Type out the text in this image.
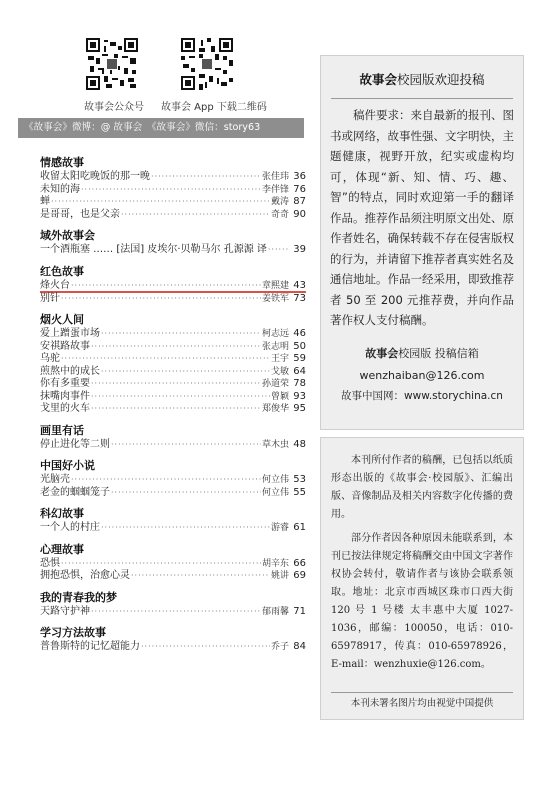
故事会公众号 故事会 App 下载二维码
《故事会》微博：@ 故事会　《故事会》微信：story63
情感故事
收留太阳吃晚饭的那一晚 ·····	张佳玮 36
未知的海 ·····	李伴锋 76
蝉 ·····	戴涛 87
是哥哥，也是父亲 ·····	奇奇 90
域外故事会
一个酒瓶塞 …… [法国] 皮埃尔·贝勒马尔 孔源源 译 ·····	39
红色故事
烽火台 ·····	章熙建 43
别针 ·····	姜铁军 73
烟火人间
爱上蹭蛋市场 ·····	柯志远 46
安祺路故事 ·····	张志明 50
乌驼 ·····	王宇 59
煎熬中的成长 ·····	戈敏 64
你有多重要 ·····	孙道荣 78
抹嘴肉事件 ·····	曾颖 93
戈里的火车 ·····	郑俊华 95
画里有话
停止进化等二则 ·····	草木虫 48
中国好小说
光脑壳 ·····	何立伟 53
老金的蝈蝈笼子 ·····	何立伟 55
科幻故事
一个人的村庄 ·····	游睿 61
心理故事
恐惧 ·····	胡辛东 66
拥抱恐惧，治愈心灵 ·····	姚讲 69
我的青春我的梦
天路守护神 ·····	郁雨馨 71
学习方法故事
普鲁斯特的记忆超能力 ·····	乔子 84
故事会校园版欢迎投稿
稿件要求：来自最新的报刊、图书或网络，故事性强、文字明快，主题健康，视野开放，纪实或虚构均可，体现“新、知、情、巧、趣、智”的特点，同时欢迎第一手的翻译作品。推荐作品须注明原文出处、原作者姓名，确保转载不存在侵害版权的行为，并请留下推荐者真实姓名及通信地址。作品一经采用，即致推荐者 50 至 200 元推荐费，并向作品著作权人支付稿酬。
故事会校园版 投稿信箱
wenzhaiban@126.com
故事中国网：www.storychina.cn

本刊所付作者的稿酬，已包括以纸质形态出版的《故事会·校园版》、汇编出版、音像制品及相关内容数字化传播的费用。

部分作者因各种原因未能联系到，本刊已按法律规定将稿酬交由中国文字著作权协会转付，敬请作者与该协会联系领取。地址：北京市西城区珠市口西大街 120 号 1 号楼 太丰惠中大厦 1027-1036，邮编：100050，电话：010-65978917，传真：010-65978926，E-mail：wenzhuxie@126.com。

本刊未署名图片均由视觉中国提供
